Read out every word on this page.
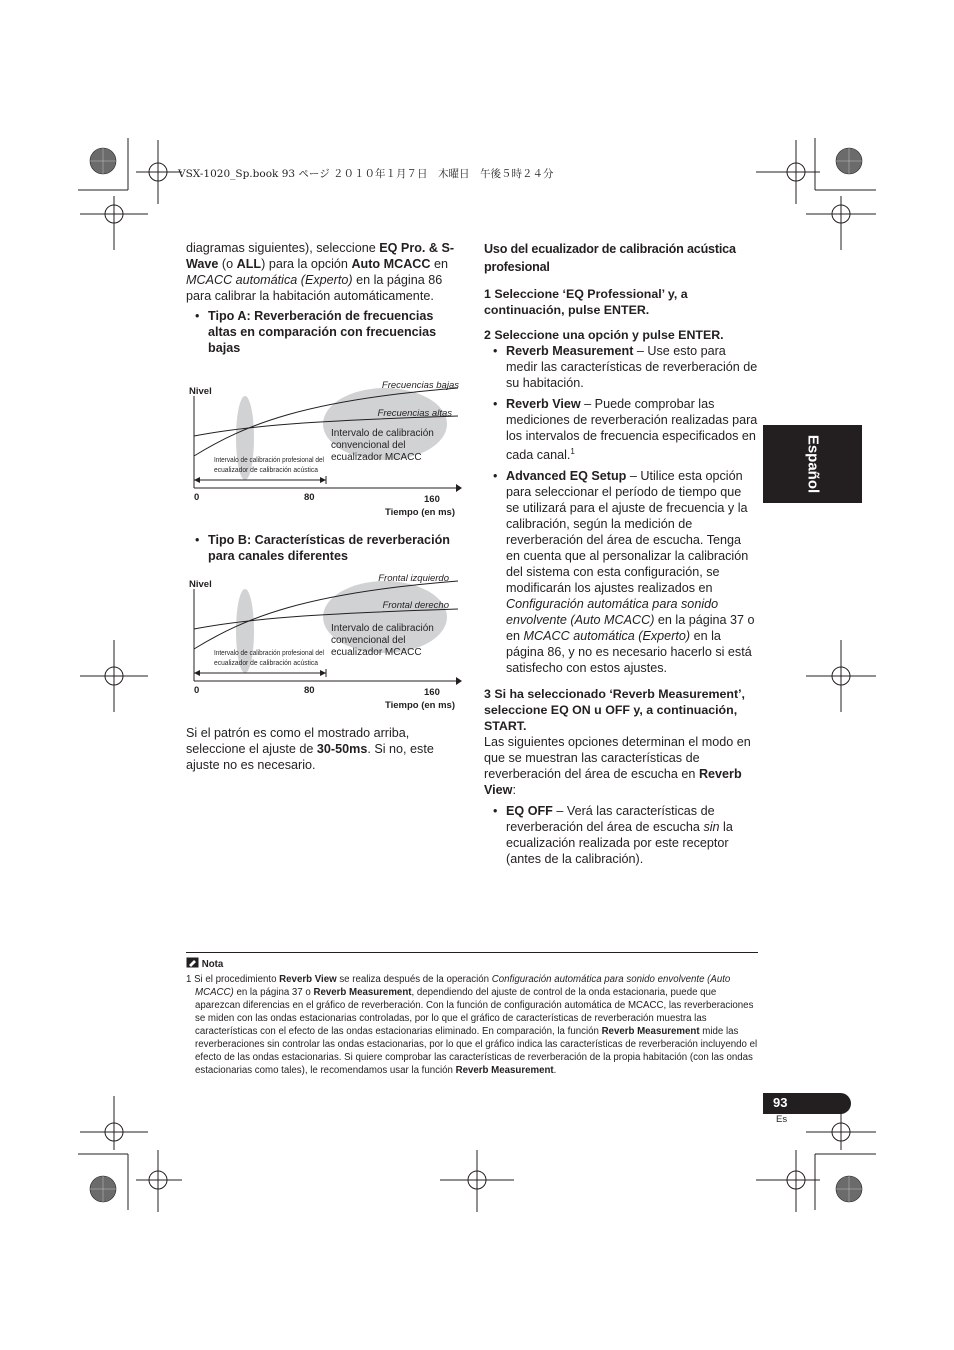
VSX-1020_Sp.book 93 ページ ２０１０年１月７日　木曜日　午後５時２４分

diagramas siguientes), seleccione EQ Pro. & S-Wave (o ALL) para la opción Auto MCACC en MCACC automática (Experto) en la página 86 para calibrar la habitación automáticamente.

• Tipo A: Reverberación de frecuencias altas en comparación con frecuencias bajas

Nivel
Frecuencias bajas
Frecuencias altas
Intervalo de calibración
convencional del
ecualizador MCACC
Intervalo de calibración profesional del
ecualizador de calibración acústica
0	80	160
Tiempo (en ms)

• Tipo B: Características de reverberación para canales diferentes

Nivel
Frontal izquierdo
Frontal derecho
Intervalo de calibración
convencional del
ecualizador MCACC
Intervalo de calibración profesional del
ecualizador de calibración acústica
0	80	160
Tiempo (en ms)

Si el patrón es como el mostrado arriba, seleccione el ajuste de 30-50ms. Si no, este ajuste no es necesario.

Uso del ecualizador de calibración acústica profesional

1 Seleccione ‘EQ Professional’ y, a continuación, pulse ENTER.

2 Seleccione una opción y pulse ENTER.

• Reverb Measurement – Use esto para medir las características de reverberación de su habitación.

• Reverb View – Puede comprobar las mediciones de reverberación realizadas para los intervalos de frecuencia especificados en cada canal.$^1$

• Advanced EQ Setup – Utilice esta opción para seleccionar el período de tiempo que se utilizará para el ajuste de frecuencia y la calibración, según la medición de reverberación del área de escucha. Tenga en cuenta que al personalizar la calibración del sistema con esta configuración, se modificarán los ajustes realizados en Configuración automática para sonido envolvente (Auto MCACC) en la página 37 o en MCACC automática (Experto) en la página 86, y no es necesario hacerlo si está satisfecho con estos ajustes.

3 Si ha seleccionado ‘Reverb Measurement’, seleccione EQ ON u OFF y, a continuación, START.

Las siguientes opciones determinan el modo en que se muestran las características de reverberación del área de escucha en Reverb View:

• EQ OFF – Verá las características de reverberación del área de escucha sin la ecualización realizada por este receptor (antes de la calibración).

Español

Nota

1 Si el procedimiento Reverb View se realiza después de la operación Configuración automática para sonido envolvente (Auto MCACC) en la página 37 o Reverb Measurement, dependiendo del ajuste de control de la onda estacionaria, puede que aparezcan diferencias en el gráfico de reverberación. Con la función de configuración automática de MCACC, las reverberaciones se miden con las ondas estacionarias controladas, por lo que el gráfico de características de reverberación muestra las características con el efecto de las ondas estacionarias eliminado. En comparación, la función Reverb Measurement mide las reverberaciones sin controlar las ondas estacionarias, por lo que el gráfico indica las características de reverberación incluyendo el efecto de las ondas estacionarias. Si quiere comprobar las características de reverberación de la propia habitación (con las ondas estacionarias como tales), le recomendamos usar la función Reverb Measurement.

93
Es
